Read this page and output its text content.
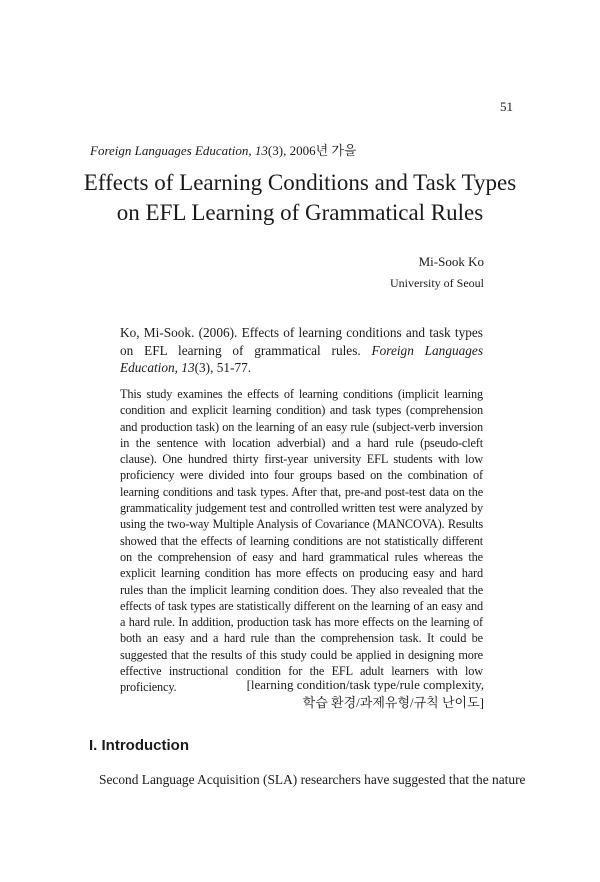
51
Foreign Languages Education, 13(3), 2006년 가을
Effects of Learning Conditions and Task Types on EFL Learning of Grammatical Rules
Mi-Sook Ko
University of Seoul
Ko, Mi-Sook. (2006). Effects of learning conditions and task types on EFL learning of grammatical rules. Foreign Languages Education, 13(3), 51-77.
This study examines the effects of learning conditions (implicit learning condition and explicit learning condition) and task types (comprehension and production task) on the learning of an easy rule (subject-verb inversion in the sentence with location adverbial) and a hard rule (pseudo-cleft clause). One hundred thirty first-year university EFL students with low proficiency were divided into four groups based on the combination of learning conditions and task types. After that, pre-and post-test data on the grammaticality judgement test and controlled written test were analyzed by using the two-way Multiple Analysis of Covariance (MANCOVA). Results showed that the effects of learning conditions are not statistically different on the comprehension of easy and hard grammatical rules whereas the explicit learning condition has more effects on producing easy and hard rules than the implicit learning condition does. They also revealed that the effects of task types are statistically different on the learning of an easy and a hard rule. In addition, production task has more effects on the learning of both an easy and a hard rule than the comprehension task. It could be suggested that the results of this study could be applied in designing more effective instructional condition for the EFL adult learners with low proficiency.	[learning condition/task type/rule complexity,
학습 환경/과제유형/규칙 난이도]
I. Introduction
Second Language Acquisition (SLA) researchers have suggested that the nature
